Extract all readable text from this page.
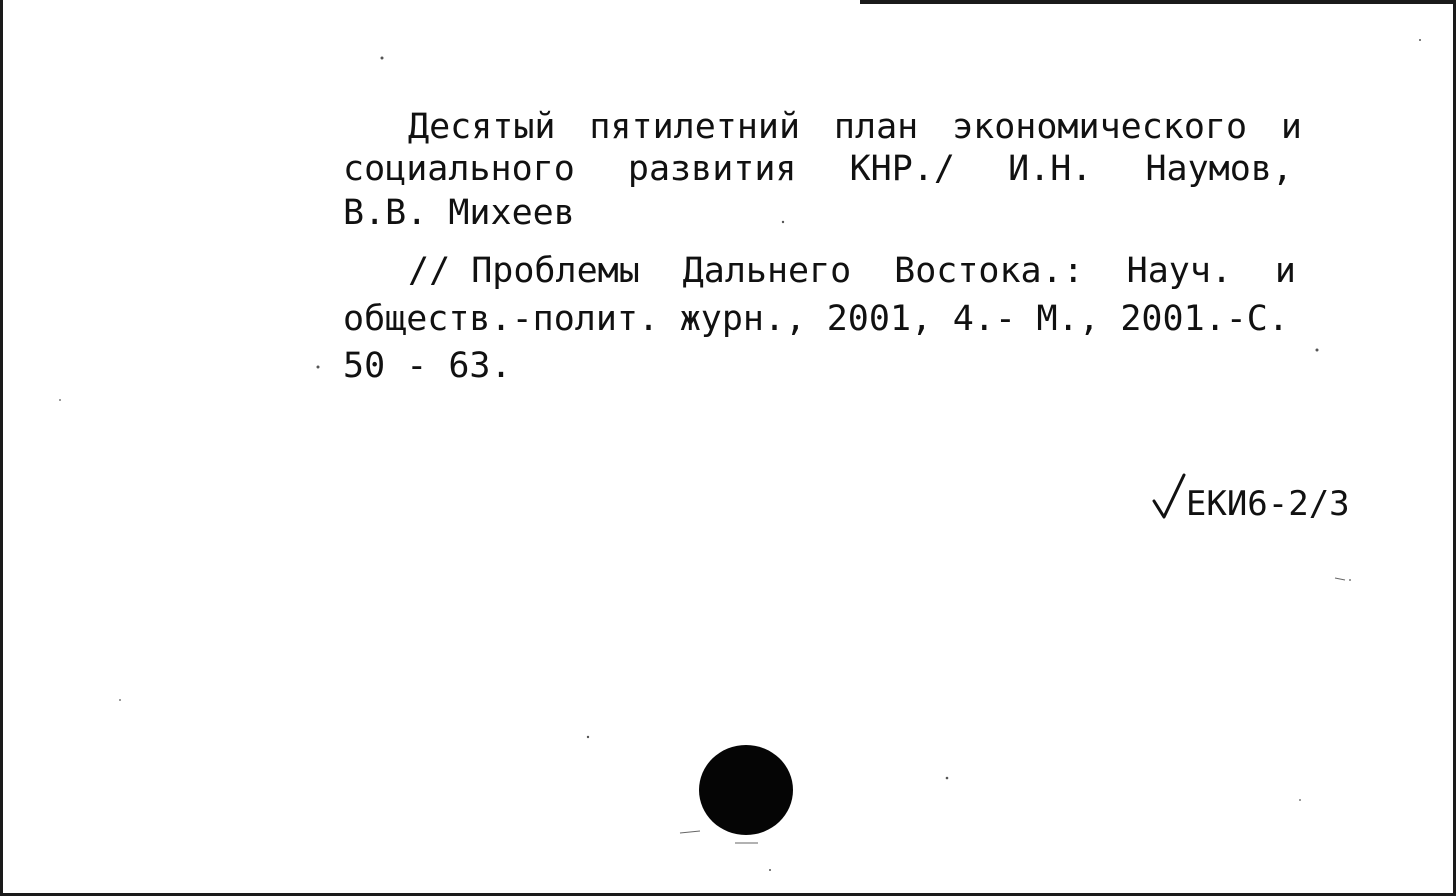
Десятый пятилетний план экономического и
социального развития КНР./ И.Н. Наумов,
В.В. Михеев
// Проблемы Дальнего Востока.: Науч. и
обществ.-полит. журн., 2001, 4.- М., 2001.-С.
50 - 63.

ЕКИ6-2/3
